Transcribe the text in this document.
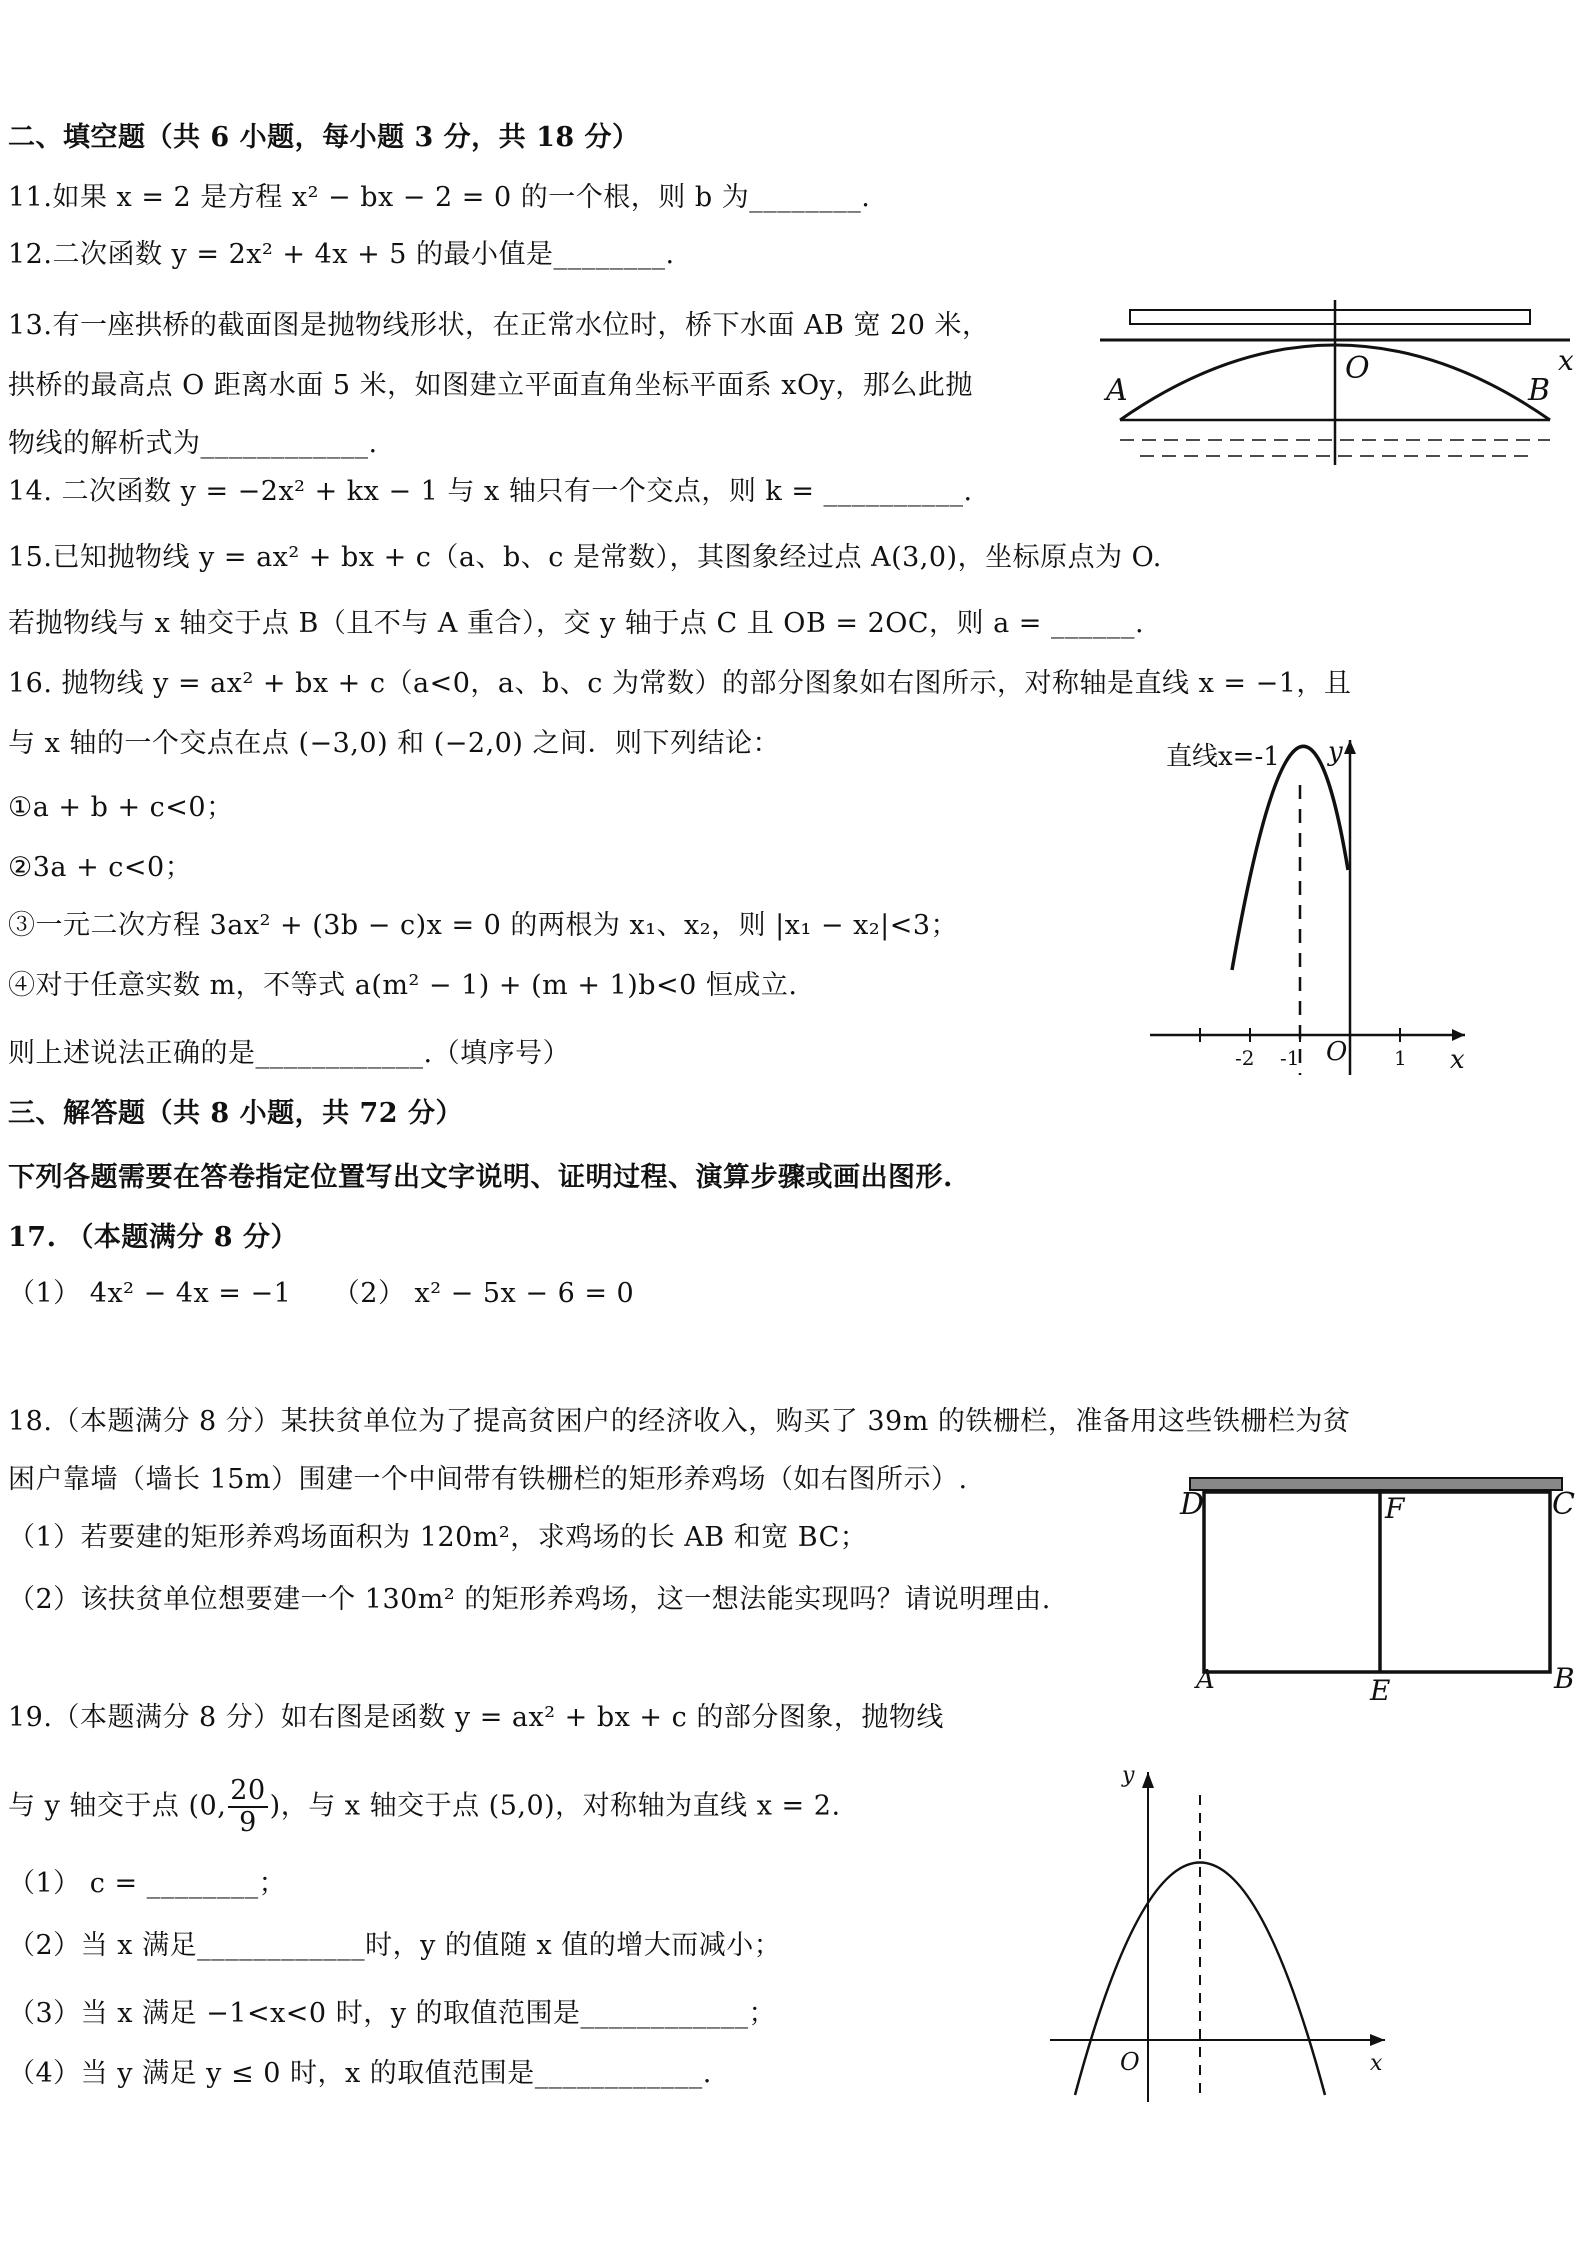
二、填空题（共 6 小题，每小题 3 分，共 18 分）
11.如果 x = 2 是方程 x² − bx − 2 = 0 的一个根，则 b 为________.
12.二次函数 y = 2x² + 4x + 5 的最小值是________.
13.有一座拱桥的截面图是抛物线形状，在正常水位时，桥下水面 AB 宽 20 米，
拱桥的最高点 O 距离水面 5 米，如图建立平面直角坐标平面系 xOy，那么此抛
物线的解析式为____________.
O
A	B
x
14. 二次函数 y = −2x² + kx − 1 与 x 轴只有一个交点，则 k = __________.
15.已知抛物线 y = ax² + bx + c（a、b、c 是常数），其图象经过点 A(3,0)，坐标原点为 O.
若抛物线与 x 轴交于点 B（且不与 A 重合），交 y 轴于点 C 且 OB = 2OC，则 a = ______.
16. 抛物线 y = ax² + bx + c（a<0，a、b、c 为常数）的部分图象如右图所示，对称轴是直线 x = −1，且
与 x 轴的一个交点在点 (−3,0) 和 (−2,0) 之间．则下列结论：
①a + b + c<0；
②3a + c<0；
③一元二次方程 3ax² + (3b − c)x = 0 的两根为 x₁、x₂，则 |x₁ − x₂|<3；
④对于任意实数 m，不等式 a(m² − 1) + (m + 1)b<0 恒成立.
则上述说法正确的是____________.（填序号）
直线x=-1 y
x
O
-2 -1	1
三、解答题（共 8 小题，共 72 分）
下列各题需要在答卷指定位置写出文字说明、证明过程、演算步骤或画出图形.
17. （本题满分 8 分）
（1） 4x² − 4x = −1　　（2） x² − 5x − 6 = 0
18.（本题满分 8 分）某扶贫单位为了提高贫困户的经济收入，购买了 39m 的铁栅栏，准备用这些铁栅栏为贫
困户靠墙（墙长 15m）围建一个中间带有铁栅栏的矩形养鸡场（如右图所示）.
（1）若要建的矩形养鸡场面积为 120m²，求鸡场的长 AB 和宽 BC；
（2）该扶贫单位想要建一个 130m² 的矩形养鸡场，这一想法能实现吗？请说明理由.
D	F	C
A	E	B
19.（本题满分 8 分）如右图是函数 y = ax² + bx + c 的部分图象，抛物线
与 y 轴交于点 (0, $\frac{20}{9}$ )，与 x 轴交于点 (5,0)，对称轴为直线 x = 2.
（1） c = ________；
（2）当 x 满足____________时，y 的值随 x 值的增大而减小；
（3）当 x 满足 −1<x<0 时，y 的取值范围是____________；
（4）当 y 满足 y ≤ 0 时，x 的取值范围是____________.
y
x
O
